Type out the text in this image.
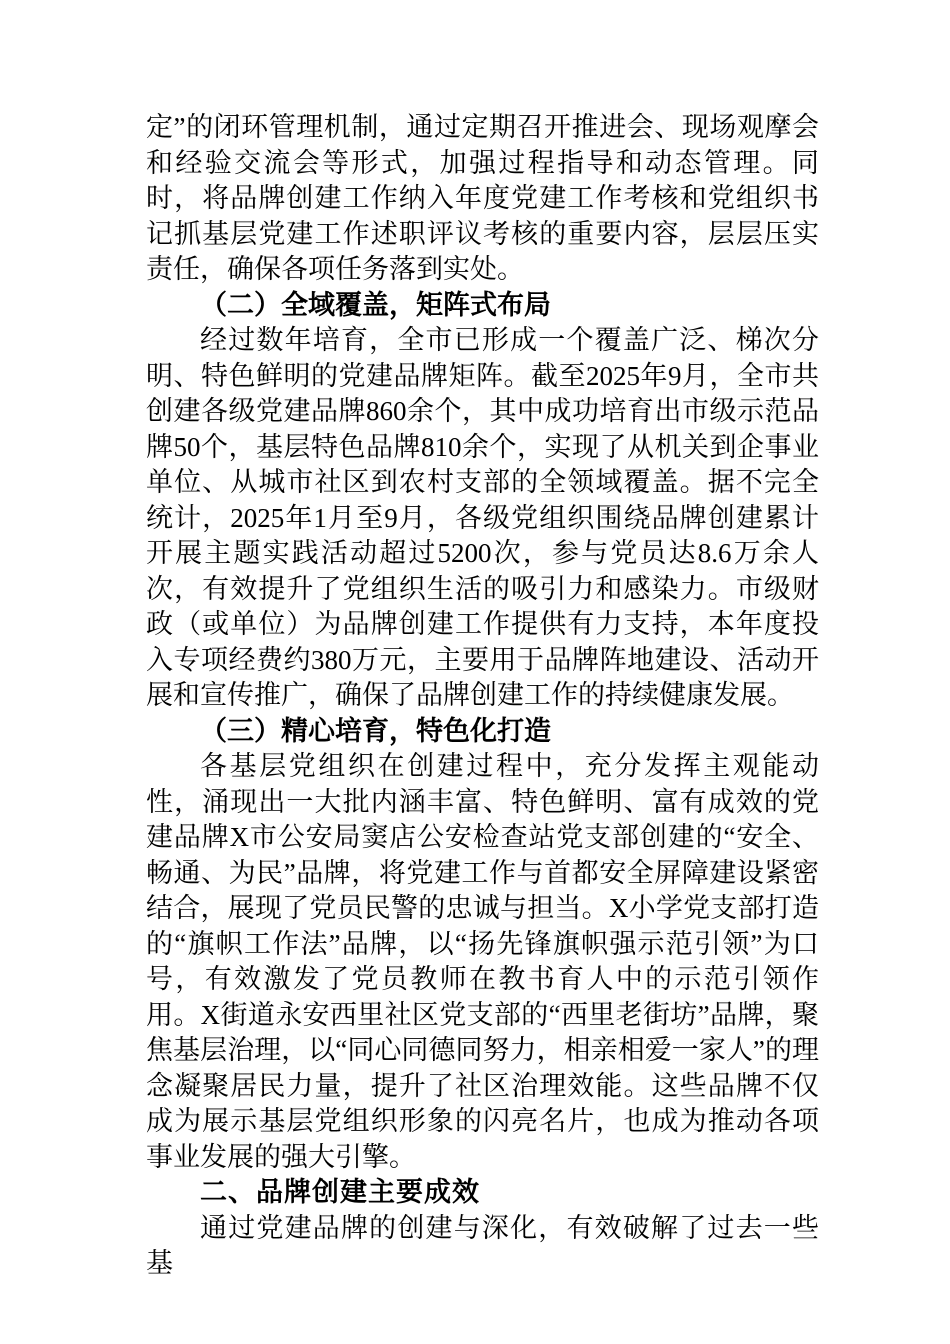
定”的闭环管理机制，通过定期召开推进会、现场观摩会和经验交流会等形式，加强过程指导和动态管理。同时，将品牌创建工作纳入年度党建工作考核和党组织书记抓基层党建工作述职评议考核的重要内容，层层压实责任，确保各项任务落到实处。

（二）全域覆盖，矩阵式布局

经过数年培育，全市已形成一个覆盖广泛、梯次分明、特色鲜明的党建品牌矩阵。截至2025年9月，全市共创建各级党建品牌860余个，其中成功培育出市级示范品牌50个，基层特色品牌810余个，实现了从机关到企事业单位、从城市社区到农村支部的全领域覆盖。据不完全统计，2025年1月至9月，各级党组织围绕品牌创建累计开展主题实践活动超过5200次，参与党员达8.6万余人次，有效提升了党组织生活的吸引力和感染力。市级财政（或单位）为品牌创建工作提供有力支持，本年度投入专项经费约380万元，主要用于品牌阵地建设、活动开展和宣传推广，确保了品牌创建工作的持续健康发展。

（三）精心培育，特色化打造

各基层党组织在创建过程中，充分发挥主观能动性，涌现出一大批内涵丰富、特色鲜明、富有成效的党建品牌X市公安局窦店公安检查站党支部创建的“安全、畅通、为民”品牌，将党建工作与首都安全屏障建设紧密结合，展现了党员民警的忠诚与担当。X小学党支部打造的“旗帜工作法”品牌，以“扬先锋旗帜强示范引领”为口号，有效激发了党员教师在教书育人中的示范引领作用。X街道永安西里社区党支部的“西里老街坊”品牌，聚焦基层治理，以“同心同德同努力，相亲相爱一家人”的理念凝聚居民力量，提升了社区治理效能。这些品牌不仅成为展示基层党组织形象的闪亮名片，也成为推动各项事业发展的强大引擎。

二、品牌创建主要成效

通过党建品牌的创建与深化，有效破解了过去一些基
